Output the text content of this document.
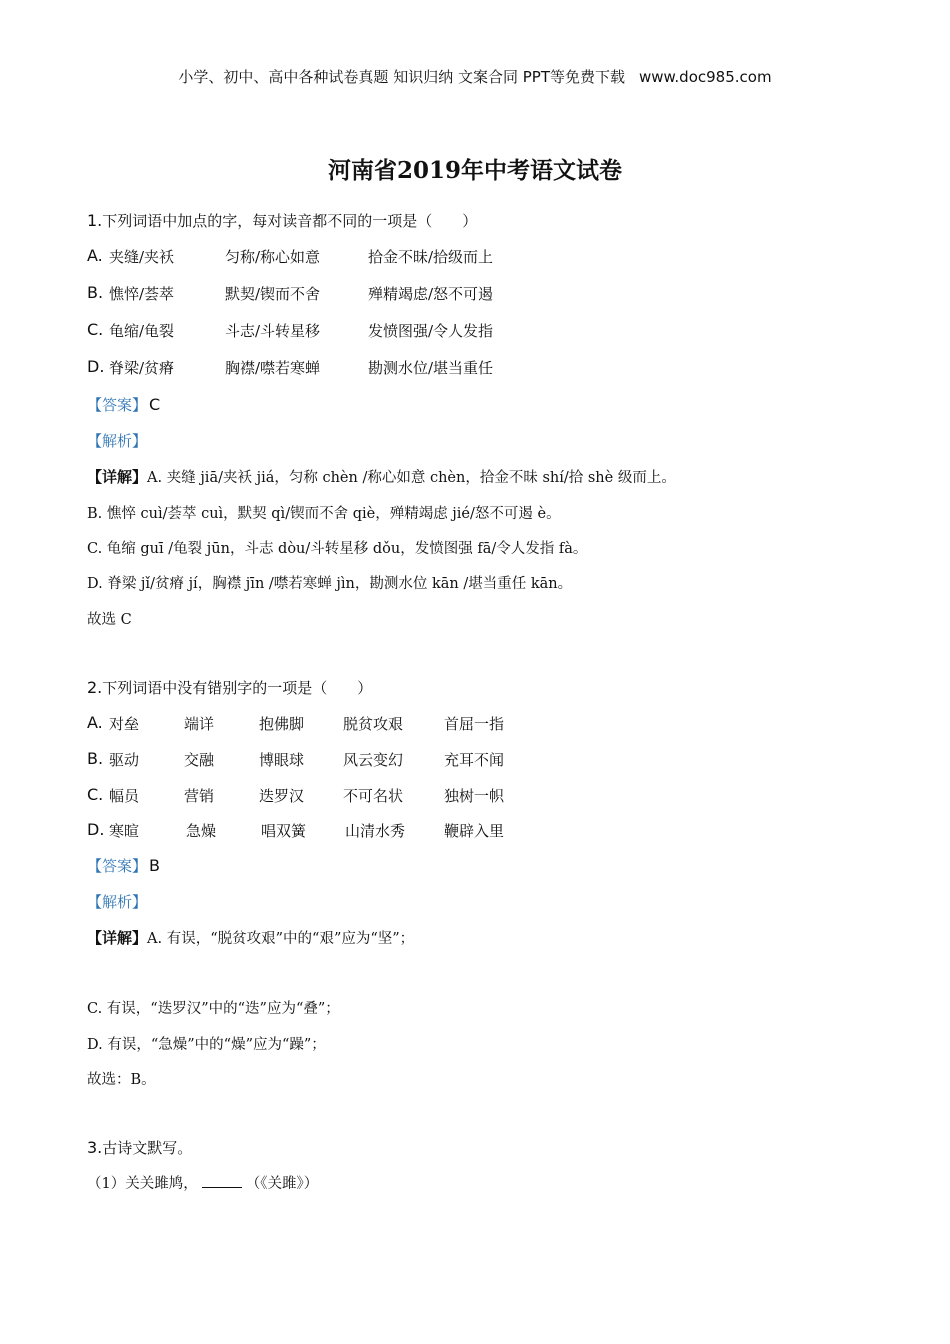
小学、初中、高中各种试卷真题 知识归纳 文案合同 PPT等免费下载 www.doc985.com
河南省2019年中考语文试卷
1.下列词语中加点的字，每对读音都不同的一项是（　　）
A. 夹缝/夹袄	匀称/称心如意	拾金不昧/拾级而上
B. 憔悴/荟萃	默契/锲而不舍	殚精竭虑/怒不可遏
C. 龟缩/龟裂	斗志/斗转星移	发愤图强/令人发指
D. 脊梁/贫瘠	胸襟/噤若寒蝉	勘测水位/堪当重任
【答案】 C
【解析】
【详解】A. 夹缝 jiā/夹袄 jiá，匀称 chèn /称心如意 chèn，拾金不昧 shí/拾 shè 级而上。
B. 憔悴 cuì/荟萃 cuì，默契 qì/锲而不舍 qiè，殚精竭虑 jié/怒不可遏 è。
C. 龟缩 guī /龟裂 jūn，斗志 dòu/斗转星移 dǒu，发愤图强 fā/令人发指 fà。
D. 脊梁 jǐ/贫瘠 jí，胸襟 jīn /噤若寒蝉 jìn，勘测水位 kān /堪当重任 kān。
故选 C
2.下列词语中没有错别字的一项是（　　）
A. 对垒	端详	抱佛脚	脱贫攻艰	首屈一指
B. 驱动	交融	博眼球	风云变幻	充耳不闻
C. 幅员	营销	迭罗汉	不可名状	独树一帜
D. 寒暄	急燥	唱双簧	山清水秀	鞭辟入里
【答案】 B
【解析】
【详解】A. 有误，“脱贫攻艰”中的“艰”应为“坚”；
C. 有误，“迭罗汉”中的“迭”应为“叠”；
D. 有误，“急燥”中的“燥”应为“躁”；
故选：B。
3.古诗文默写。
（1）关关雎鸠，	（《关雎》）
